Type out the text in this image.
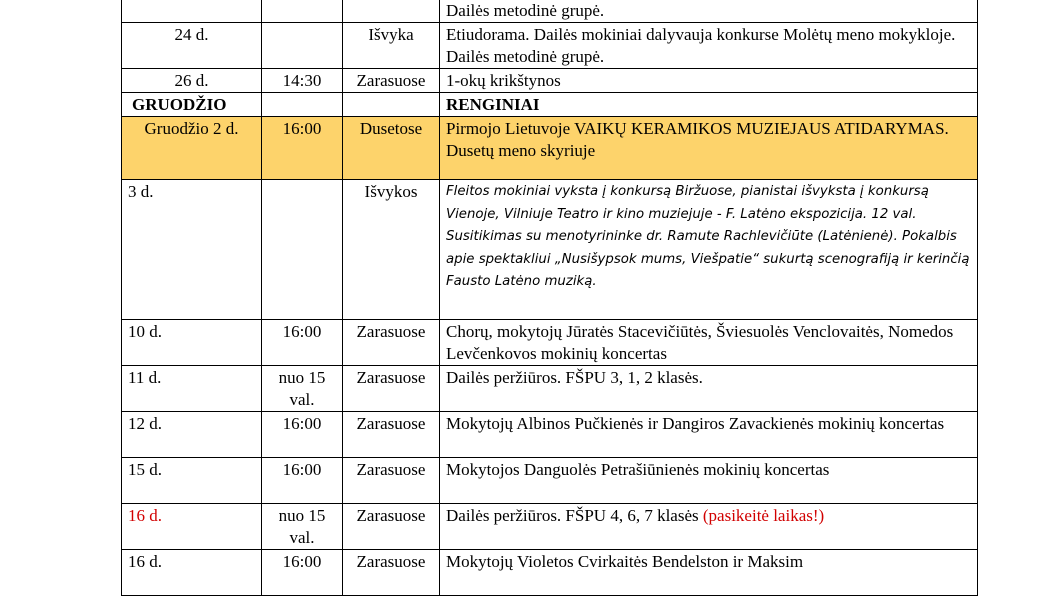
			Dailės metodinė grupė.
24 d.		Išvyka	Etiudorama. Dailės mokiniai dalyvauja konkurse Molėtų meno mokykloje. Dailės metodinė grupė.
26 d.	14:30	Zarasuose	1-okų krikštynos
GRUODŽIO			RENGINIAI
Gruodžio 2 d.	16:00	Dusetose	Pirmojo Lietuvoje VAIKŲ KERAMIKOS MUZIEJAUS ATIDARYMAS. Dusetų meno skyriuje
3 d.		Išvykos	Fleitos mokiniai vyksta į konkursą Biržuose, pianistai išvyksta į konkursą Vienoje, Vilniuje Teatro ir kino muziejuje - F. Latėno ekspozicija. 12 val. Susitikimas su menotyrininke dr. Ramute Rachlevičiūte (Latėnienė). Pokalbis apie spektakliui „Nusišypsok mums, Viešpatie“ sukurtą scenografiją ir kerinčią Fausto Latėno muziką.
10 d.	16:00	Zarasuose	Chorų, mokytojų Jūratės Stacevičiūtės, Šviesuolės Venclovaitės, Nomedos Levčenkovos mokinių koncertas
11 d.	nuo 15 val.	Zarasuose	Dailės peržiūros. FŠPU 3, 1, 2 klasės.
12 d.	16:00	Zarasuose	Mokytojų Albinos Pučkienės ir Dangiros Zavackienės mokinių koncertas
15 d.	16:00	Zarasuose	Mokytojos Danguolės Petrašiūnienės mokinių koncertas
16 d.	nuo 15 val.	Zarasuose	Dailės peržiūros. FŠPU 4, 6, 7 klasės (pasikeitė laikas!)
16 d.	16:00	Zarasuose	Mokytojų Violetos Cvirkaitės Bendelston ir Maksim
